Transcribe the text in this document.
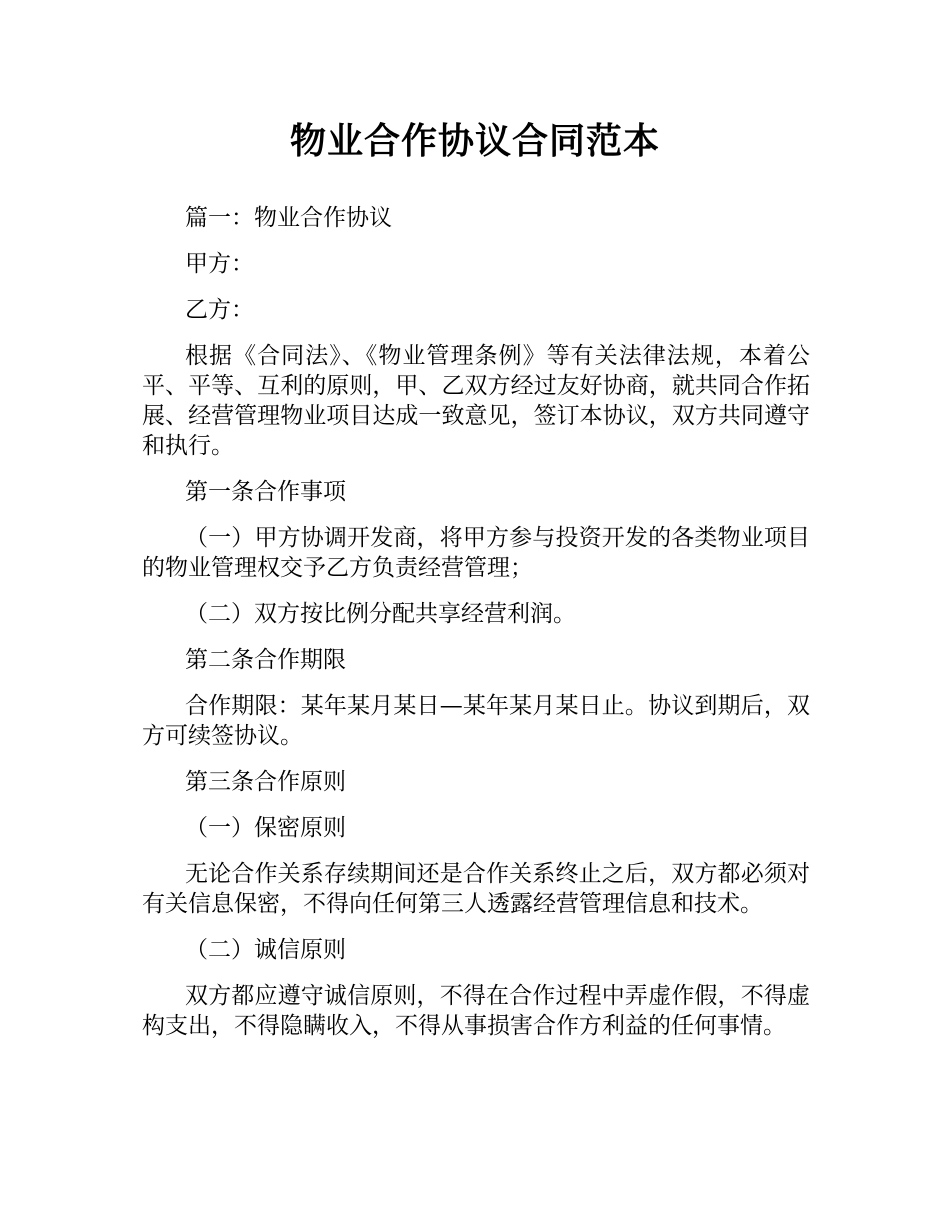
物业合作协议合同范本

篇一：物业合作协议

甲方：

乙方：

根据《合同法》、《物业管理条例》等有关法律法规，本着公平、平等、互利的原则，甲、乙双方经过友好协商，就共同合作拓展、经营管理物业项目达成一致意见，签订本协议，双方共同遵守和执行。

第一条合作事项

（一）甲方协调开发商，将甲方参与投资开发的各类物业项目的物业管理权交予乙方负责经营管理；

（二）双方按比例分配共享经营利润。

第二条合作期限

合作期限：某年某月某日—某年某月某日止。协议到期后，双方可续签协议。

第三条合作原则

（一）保密原则

无论合作关系存续期间还是合作关系终止之后，双方都必须对有关信息保密，不得向任何第三人透露经营管理信息和技术。

（二）诚信原则

双方都应遵守诚信原则，不得在合作过程中弄虚作假，不得虚构支出，不得隐瞒收入，不得从事损害合作方利益的任何事情。
